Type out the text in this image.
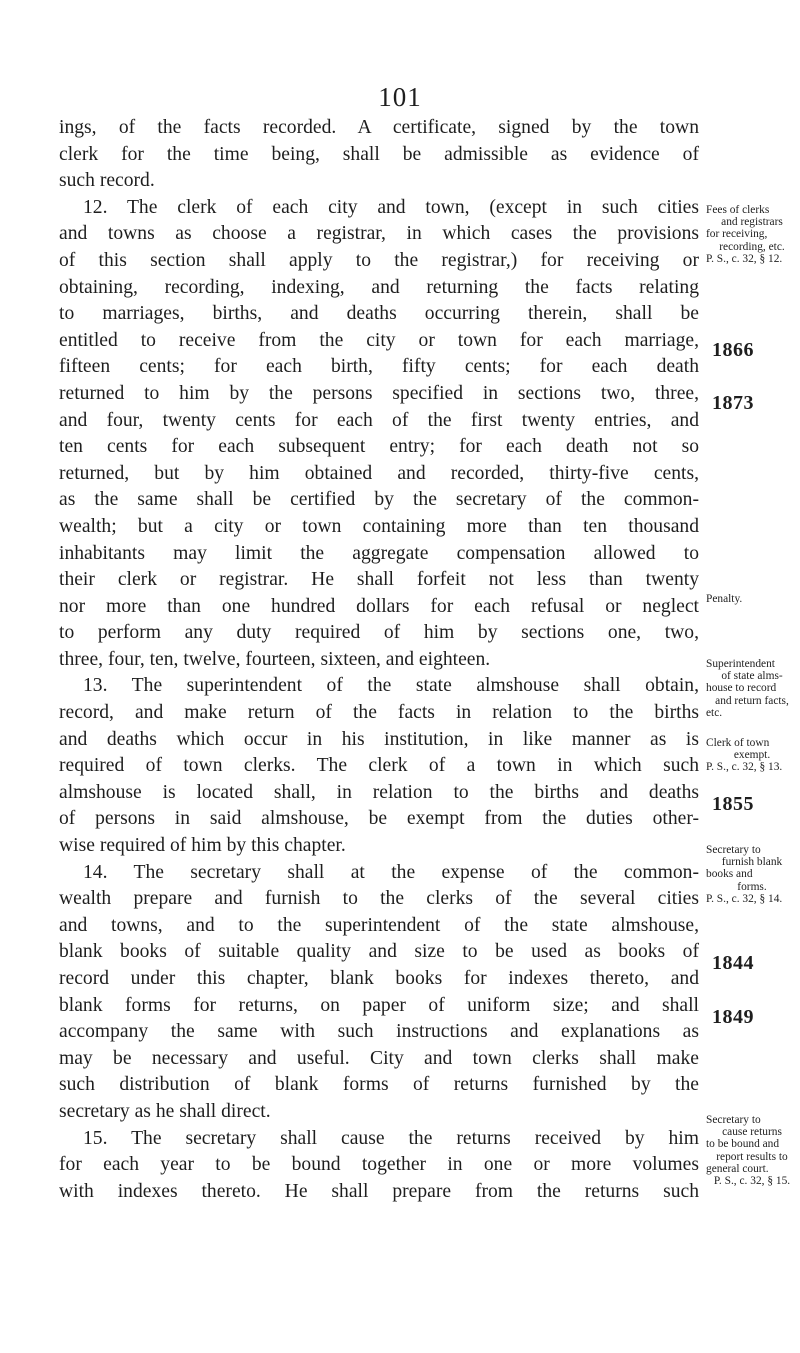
101
ings, of the facts recorded. A certificate, signed by the town
clerk for the time being, shall be admissible as evidence of
such record.
12. The clerk of each city and town, (except in such cities
and towns as choose a registrar, in which cases the provisions
of this section shall apply to the registrar,) for receiving or
obtaining, recording, indexing, and returning the facts relating
to marriages, births, and deaths occurring therein, shall be
entitled to receive from the city or town for each marriage,
fifteen cents; for each birth, fifty cents; for each death
returned to him by the persons specified in sections two, three,
and four, twenty cents for each of the first twenty entries, and
ten cents for each subsequent entry; for each death not so
returned, but by him obtained and recorded, thirty-five cents,
as the same shall be certified by the secretary of the common-
wealth; but a city or town containing more than ten thousand
inhabitants may limit the aggregate compensation allowed to
their clerk or registrar. He shall forfeit not less than twenty
nor more than one hundred dollars for each refusal or neglect
to perform any duty required of him by sections one, two,
three, four, ten, twelve, fourteen, sixteen, and eighteen.
13. The superintendent of the state almshouse shall obtain,
record, and make return of the facts in relation to the births
and deaths which occur in his institution, in like manner as is
required of town clerks. The clerk of a town in which such
almshouse is located shall, in relation to the births and deaths
of persons in said almshouse, be exempt from the duties other-
wise required of him by this chapter.
14. The secretary shall at the expense of the common-
wealth prepare and furnish to the clerks of the several cities
and towns, and to the superintendent of the state almshouse,
blank books of suitable quality and size to be used as books of
record under this chapter, blank books for indexes thereto, and
blank forms for returns, on paper of uniform size; and shall
accompany the same with such instructions and explanations as
may be necessary and useful. City and town clerks shall make
such distribution of blank forms of returns furnished by the
secretary as he shall direct.
15. The secretary shall cause the returns received by him
for each year to be bound together in one or more volumes
with indexes thereto. He shall prepare from the returns such
Fees of clerks
and registrars
for receiving,
recording, etc.
P. S., c. 32, § 12.
1866
1873
Penalty.
Superintendent
of state alms-
house to record
and return facts,
etc.
Clerk of town
exempt.
P. S., c. 32, § 13.
1855
Secretary to
furnish blank
books and
forms.
P. S., c. 32, § 14.
1844
1849
Secretary to
cause returns
to be bound and
report results to
general court.
P. S., c. 32, § 15.
